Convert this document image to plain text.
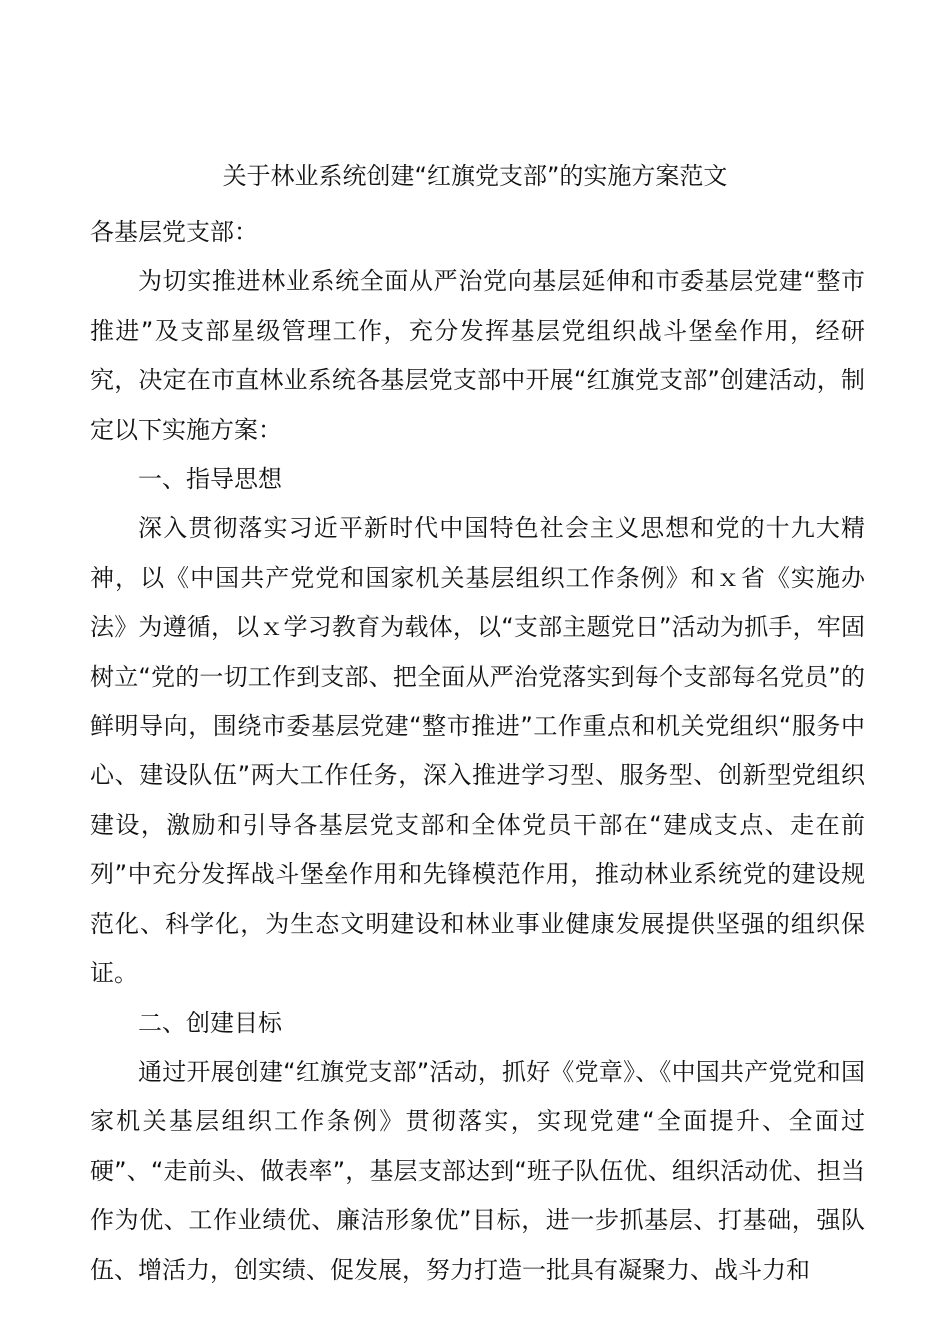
关于林业系统创建“红旗党支部”的实施方案范文

各基层党支部：

为切实推进林业系统全面从严治党向基层延伸和市委基层党建“整市推进”及支部星级管理工作，充分发挥基层党组织战斗堡垒作用，经研究，决定在市直林业系统各基层党支部中开展“红旗党支部”创建活动，制定以下实施方案：

一、指导思想

深入贯彻落实习近平新时代中国特色社会主义思想和党的十九大精神，以《中国共产党党和国家机关基层组织工作条例》和ｘ省《实施办法》为遵循，以ｘ学习教育为载体，以“支部主题党日”活动为抓手，牢固树立“党的一切工作到支部、把全面从严治党落实到每个支部每名党员”的鲜明导向，围绕市委基层党建“整市推进”工作重点和机关党组织“服务中心、建设队伍”两大工作任务，深入推进学习型、服务型、创新型党组织建设，激励和引导各基层党支部和全体党员干部在“建成支点、走在前列”中充分发挥战斗堡垒作用和先锋模范作用，推动林业系统党的建设规范化、科学化，为生态文明建设和林业事业健康发展提供坚强的组织保证。

二、创建目标

通过开展创建“红旗党支部”活动，抓好《党章》、《中国共产党党和国家机关基层组织工作条例》贯彻落实，实现党建“全面提升、全面过硬”、“走前头、做表率”，基层支部达到“班子队伍优、组织活动优、担当作为优、工作业绩优、廉洁形象优”目标，进一步抓基层、打基础，强队伍、增活力，创实绩、促发展，努力打造一批具有凝聚力、战斗力和
